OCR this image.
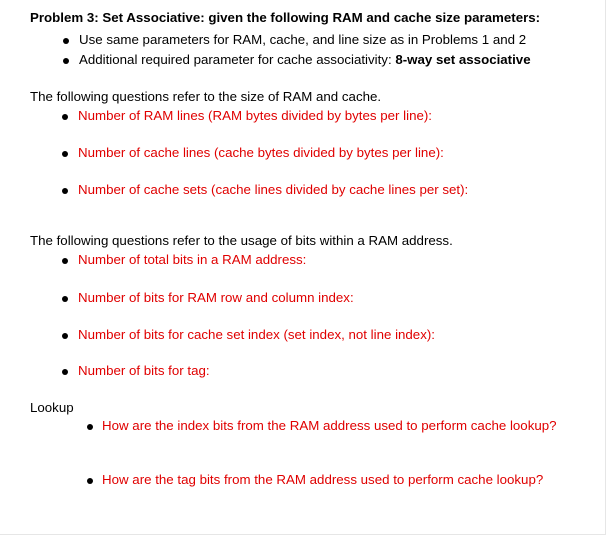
Problem 3: Set Associative: given the following RAM and cache size parameters:
Use same parameters for RAM, cache, and line size as in Problems 1 and 2
Additional required parameter for cache associativity: 8-way set associative
The following questions refer to the size of RAM and cache.
Number of RAM lines (RAM bytes divided by bytes per line):
Number of cache lines (cache bytes divided by bytes per line):
Number of cache sets (cache lines divided by cache lines per set):
The following questions refer to the usage of bits within a RAM address.
Number of total bits in a RAM address:
Number of bits for RAM row and column index:
Number of bits for cache set index (set index, not line index):
Number of bits for tag:
Lookup
How are the index bits from the RAM address used to perform cache lookup?
How are the tag bits from the RAM address used to perform cache lookup?
